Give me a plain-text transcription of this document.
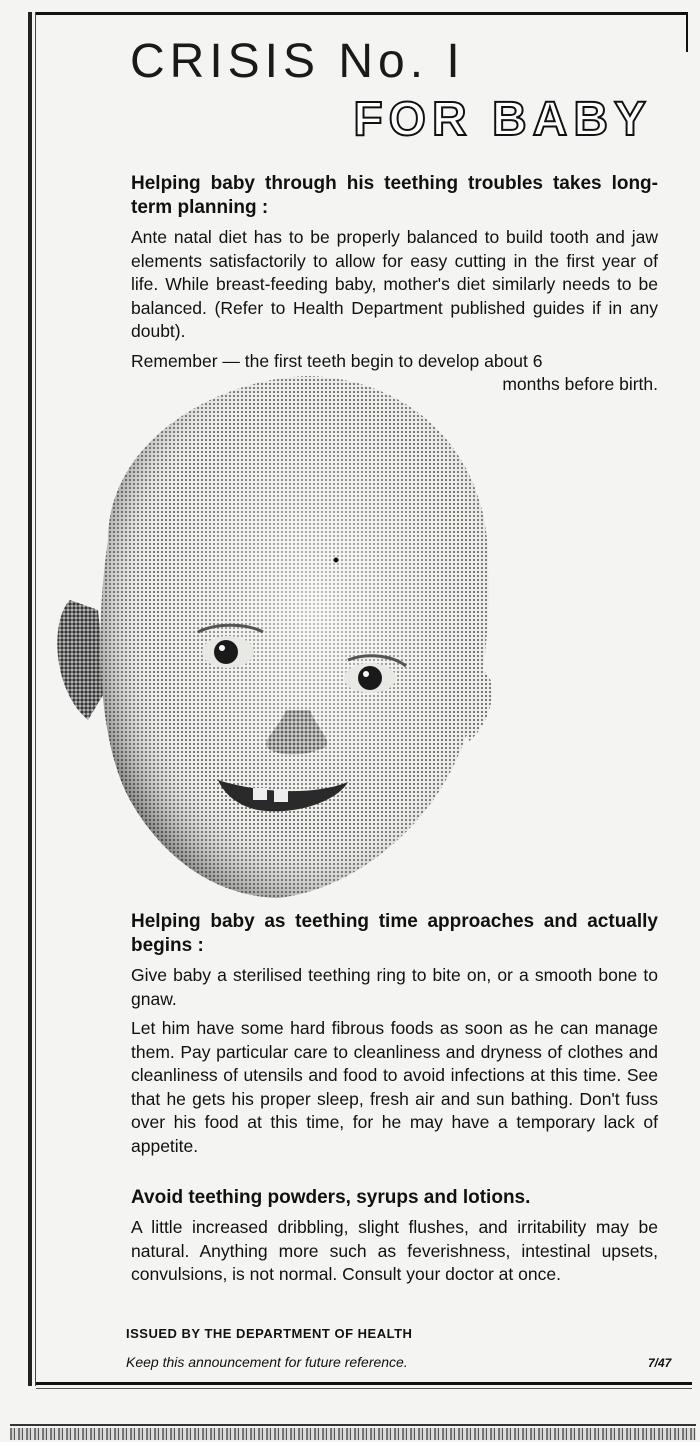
CRISIS No. I
FOR BABY
Helping baby through his teething troubles takes long-term planning :

Ante natal diet has to be properly balanced to build tooth and jaw elements satisfactorily to allow for easy cutting in the first year of life. While breast-feeding baby, mother's diet similarly needs to be balanced. (Refer to Health Department published guides if in any doubt).

Remember — the first teeth begin to develop about 6

months before birth.

Helping baby as teething time approaches and actually begins :

Give baby a sterilised teething ring to bite on, or a smooth bone to gnaw.

Let him have some hard fibrous foods as soon as he can manage them. Pay particular care to cleanliness and dryness of clothes and cleanliness of utensils and food to avoid infections at this time. See that he gets his proper sleep, fresh air and sun bathing. Don't fuss over his food at this time, for he may have a temporary lack of appetite.

Avoid teething powders, syrups and lotions.

A little increased dribbling, slight flushes, and irritability may be natural. Anything more such as feverishness, intestinal upsets, convulsions, is not normal. Consult your doctor at once.

ISSUED BY THE DEPARTMENT OF HEALTH
Keep this announcement for future reference.	7/47
